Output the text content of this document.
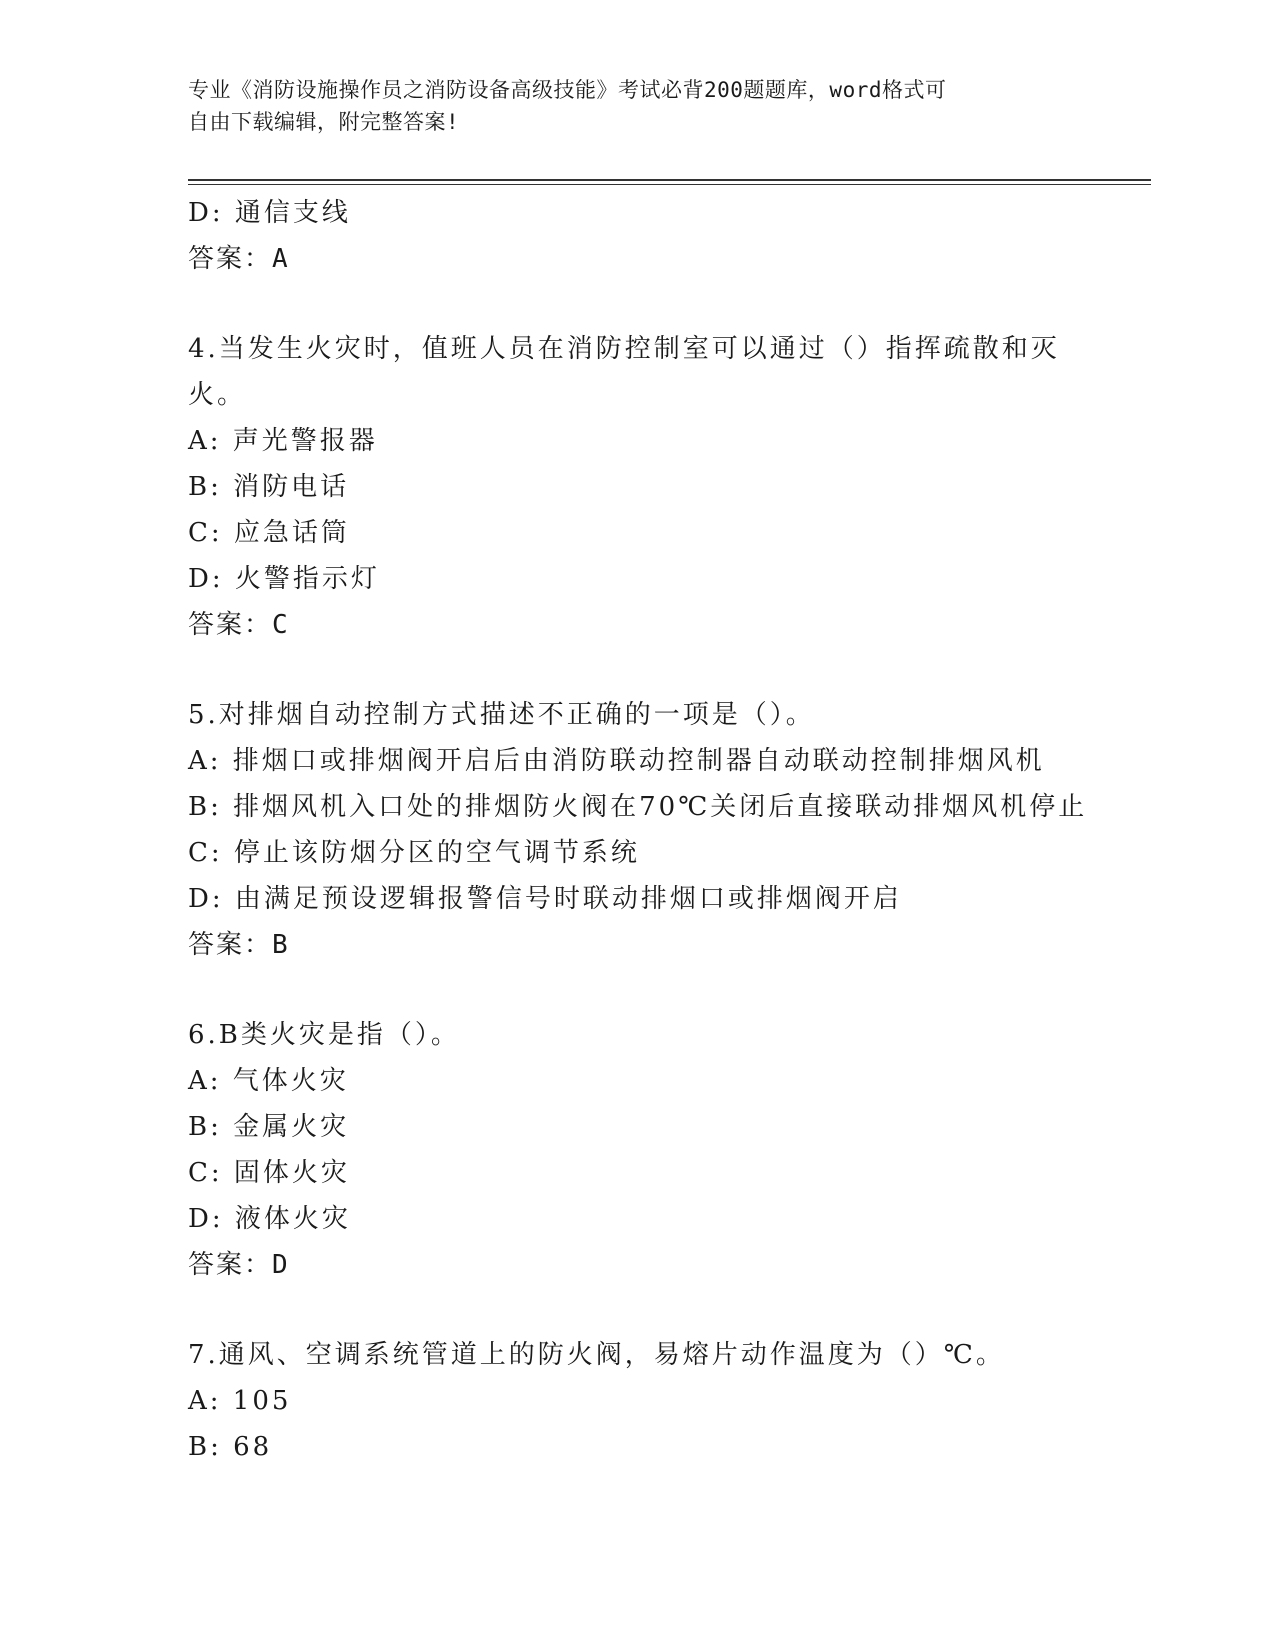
专业《消防设施操作员之消防设备高级技能》考试必背200题题库，word格式可
自由下载编辑，附完整答案!
D: 通信支线
答案：A
4.当发生火灾时，值班人员在消防控制室可以通过（）指挥疏散和灭
火。
A: 声光警报器
B: 消防电话
C: 应急话筒
D: 火警指示灯
答案：C
5.对排烟自动控制方式描述不正确的一项是（）。
A: 排烟口或排烟阀开启后由消防联动控制器自动联动控制排烟风机
B: 排烟风机入口处的排烟防火阀在70℃关闭后直接联动排烟风机停止
C: 停止该防烟分区的空气调节系统
D: 由满足预设逻辑报警信号时联动排烟口或排烟阀开启
答案：B
6.B类火灾是指（）。
A: 气体火灾
B: 金属火灾
C: 固体火灾
D: 液体火灾
答案：D
7.通风、空调系统管道上的防火阀，易熔片动作温度为（）℃。
A: 105
B: 68
